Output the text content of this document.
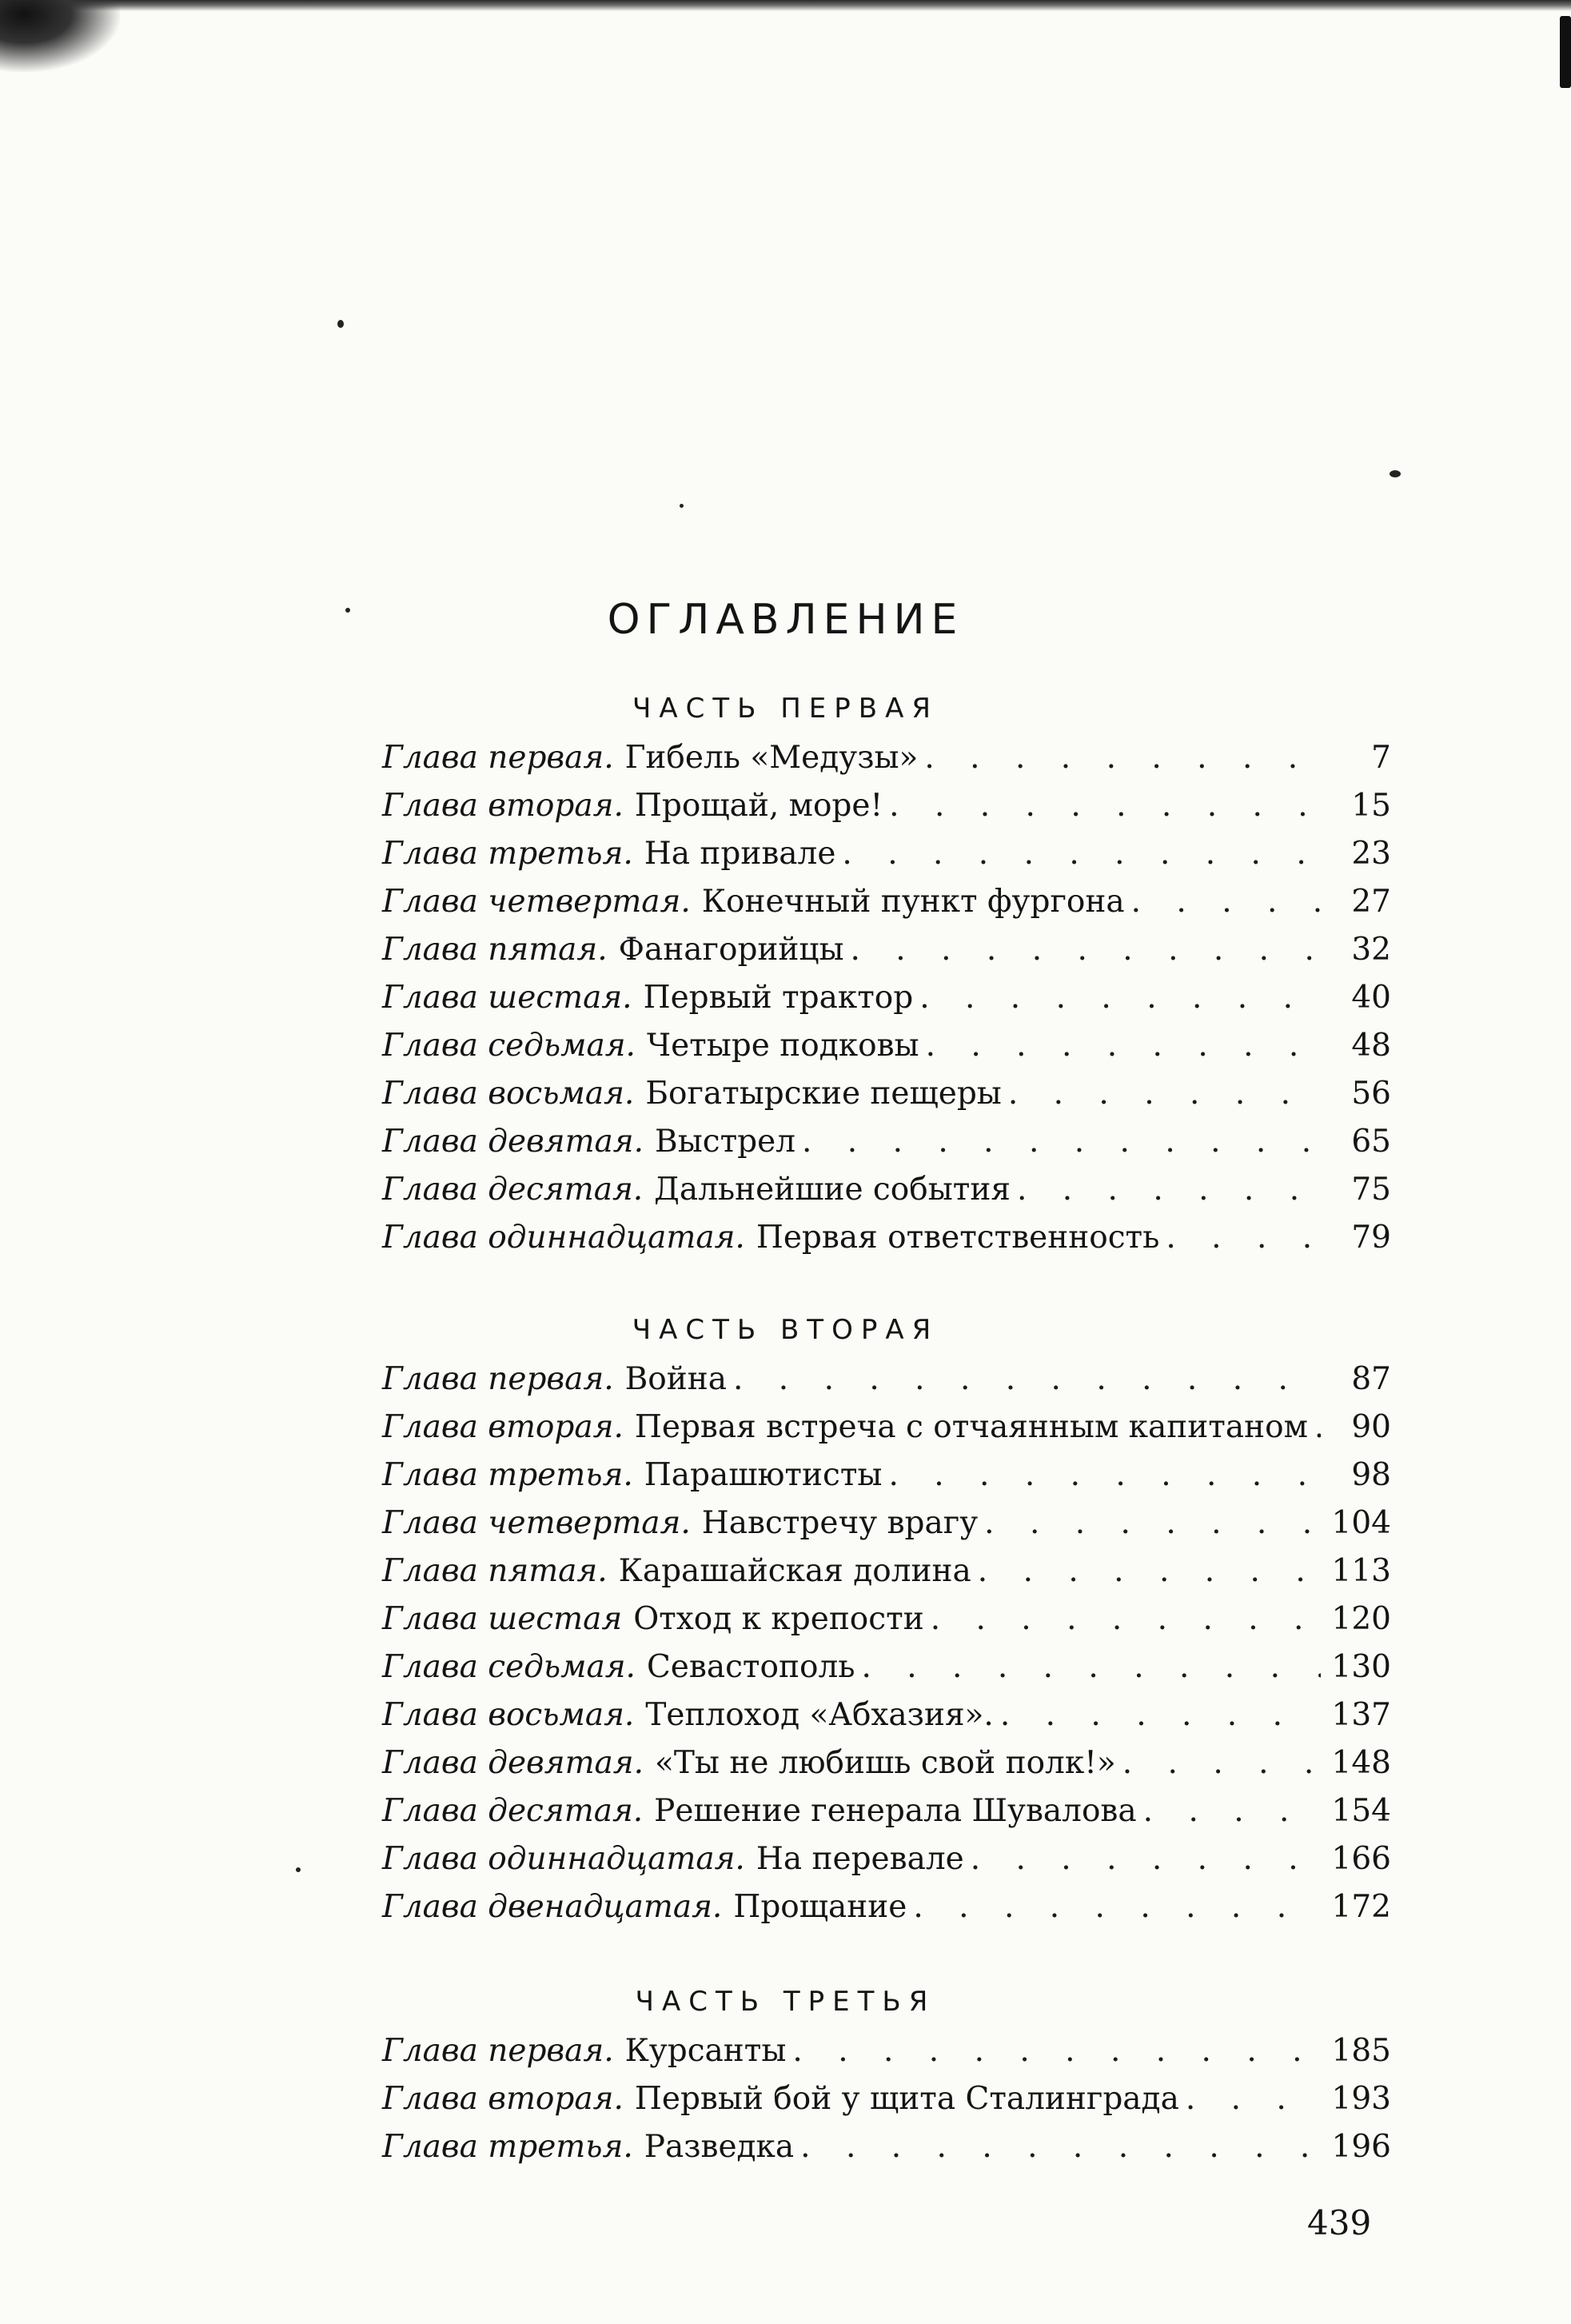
ОГЛАВЛЕНИЕ
ЧАСТЬ ПЕРВАЯ
Глава первая. Гибель «Медузы» . . .	7
Глава вторая. Прощай, море! . . .	15
Глава третья. На привале . . .	23
Глава четвертая. Конечный пункт фургона . . .	27
Глава пятая. Фанагорийцы . . .	32
Глава шестая. Первый трактор . . .	40
Глава седьмая. Четыре подковы . . .	48
Глава восьмая. Богатырские пещеры . . .	56
Глава девятая. Выстрел . . .	65
Глава десятая. Дальнейшие события . . .	75
Глава одиннадцатая. Первая ответственность . . .	79
ЧАСТЬ ВТОРАЯ
Глава первая. Война . . .	87
Глава вторая. Первая встреча с отчаянным капитаном . . .	90
Глава третья. Парашютисты . . .	98
Глава четвертая. Навстречу врагу . . .	104
Глава пятая. Карашайская долина . . .	113
Глава шестая Отход к крепости . . .	120
Глава седьмая. Севастополь . . .	130
Глава восьмая. Теплоход «Абхазия». . . .	137
Глава девятая. «Ты не любишь свой полк!» . . .	148
Глава десятая. Решение генерала Шувалова . . .	154
Глава одиннадцатая. На перевале . . .	166
Глава двенадцатая. Прощание . . .	172
ЧАСТЬ ТРЕТЬЯ
Глава первая. Курсанты . . .	185
Глава вторая. Первый бой у щита Сталинграда . . .	193
Глава третья. Разведка . . .	196
439
